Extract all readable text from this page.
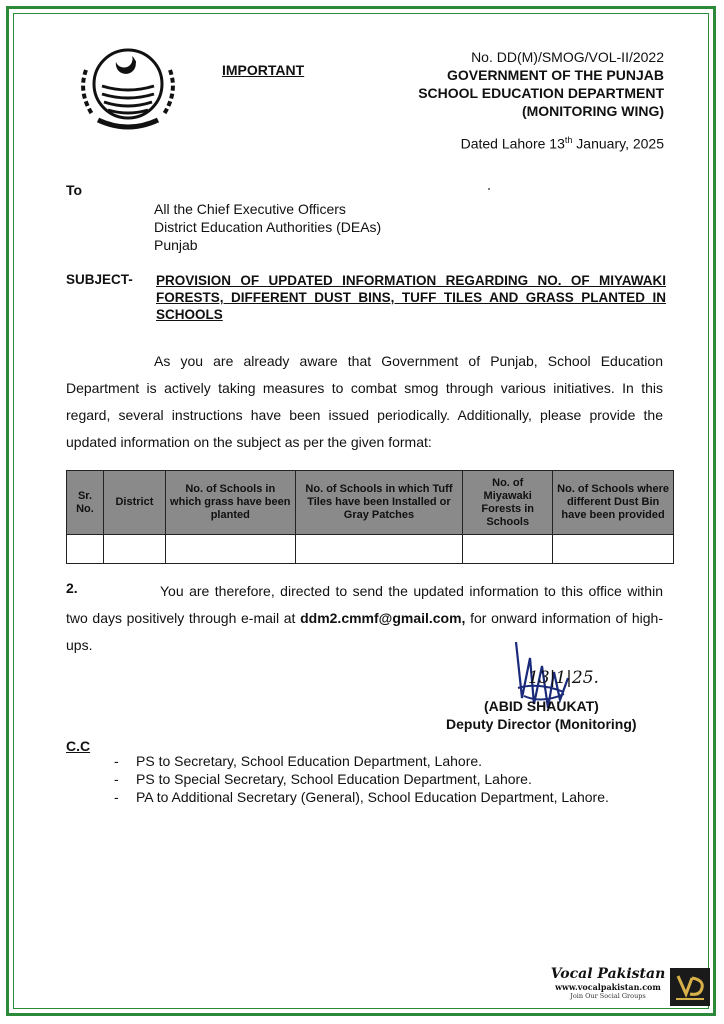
IMPORTANT
No. DD(M)/SMOG/VOL-II/2022
GOVERNMENT OF THE PUNJAB
SCHOOL EDUCATION DEPARTMENT
(MONITORING WING)
Dated Lahore 13th January, 2025
To
All the Chief Executive Officers
District Education Authorities (DEAs)
Punjab
SUBJECT- PROVISION OF UPDATED INFORMATION REGARDING NO. OF MIYAWAKI FORESTS, DIFFERENT DUST BINS, TUFF TILES AND GRASS PLANTED IN SCHOOLS
As you are already aware that Government of Punjab, School Education Department is actively taking measures to combat smog through various initiatives. In this regard, several instructions have been issued periodically. Additionally, please provide the updated information on the subject as per the given format:
Sr. No.	District	No. of Schools in which grass have been planted	No. of Schools in which Tuff Tiles have been Installed or Gray Patches	No. of Miyawaki Forests in Schools	No. of Schools where different Dust Bin have been provided

2.	You are therefore, directed to send the updated information to this office within two days positively through e-mail at ddm2.cmmf@gmail.com, for onward information of high-ups.
13|1|25.
(ABID SHAUKAT)
Deputy Director (Monitoring)
C.C
- PS to Secretary, School Education Department, Lahore.
- PS to Special Secretary, School Education Department, Lahore.
- PA to Additional Secretary (General), School Education Department, Lahore.
Vocal Pakistan
www.vocalpakistan.com
Join Our Social Groups
